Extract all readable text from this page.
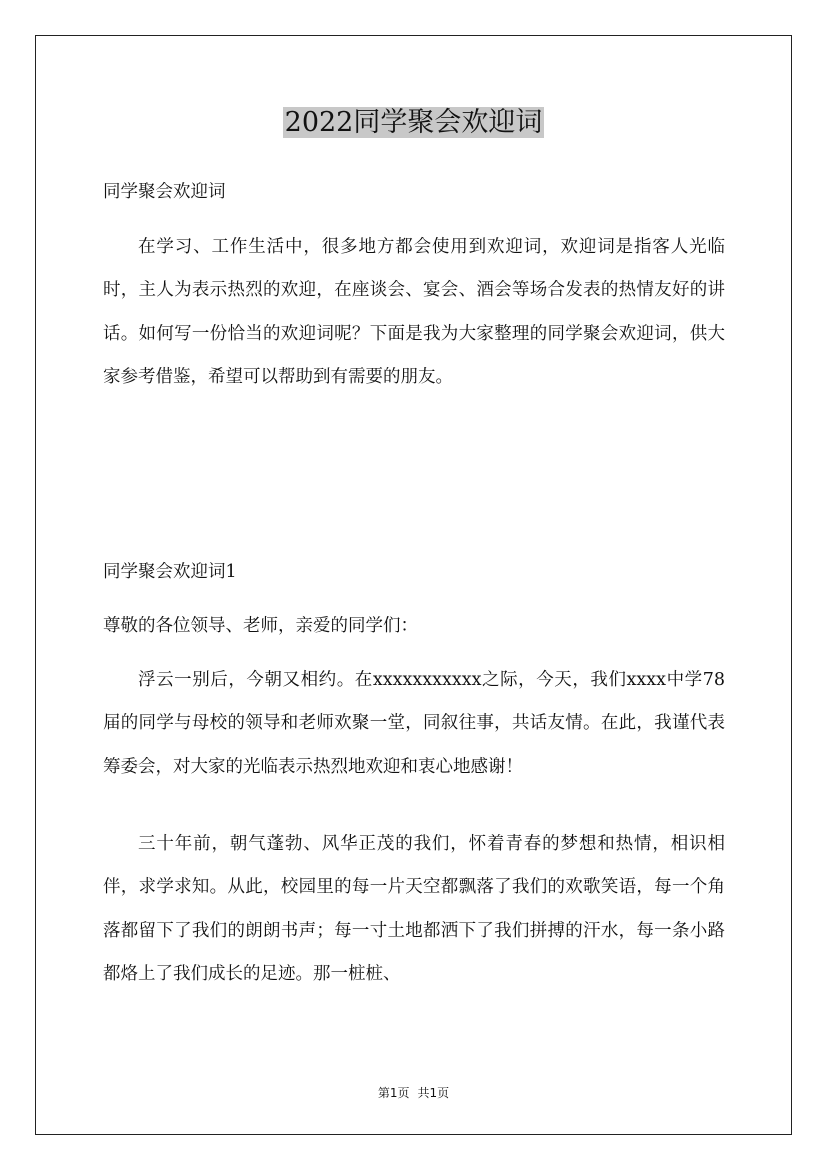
2022同学聚会欢迎词

同学聚会欢迎词

在学习、工作生活中，很多地方都会使用到欢迎词，欢迎词是指客人光临时，主人为表示热烈的欢迎，在座谈会、宴会、酒会等场合发表的热情友好的讲话。如何写一份恰当的欢迎词呢？下面是我为大家整理的同学聚会欢迎词，供大家参考借鉴，希望可以帮助到有需要的朋友。

同学聚会欢迎词1

尊敬的各位领导、老师，亲爱的同学们：

浮云一别后，今朝又相约。在xxxxxxxxxxx之际，今天，我们xxxx中学78届的同学与母校的领导和老师欢聚一堂，同叙往事，共话友情。在此，我谨代表筹委会，对大家的光临表示热烈地欢迎和衷心地感谢！

三十年前，朝气蓬勃、风华正茂的我们，怀着青春的梦想和热情，相识相伴，求学求知。从此，校园里的每一片天空都飘落了我们的欢歌笑语，每一个角落都留下了我们的朗朗书声；每一寸土地都洒下了我们拼搏的汗水，每一条小路都烙上了我们成长的足迹。那一桩桩、

第1页 共1页
